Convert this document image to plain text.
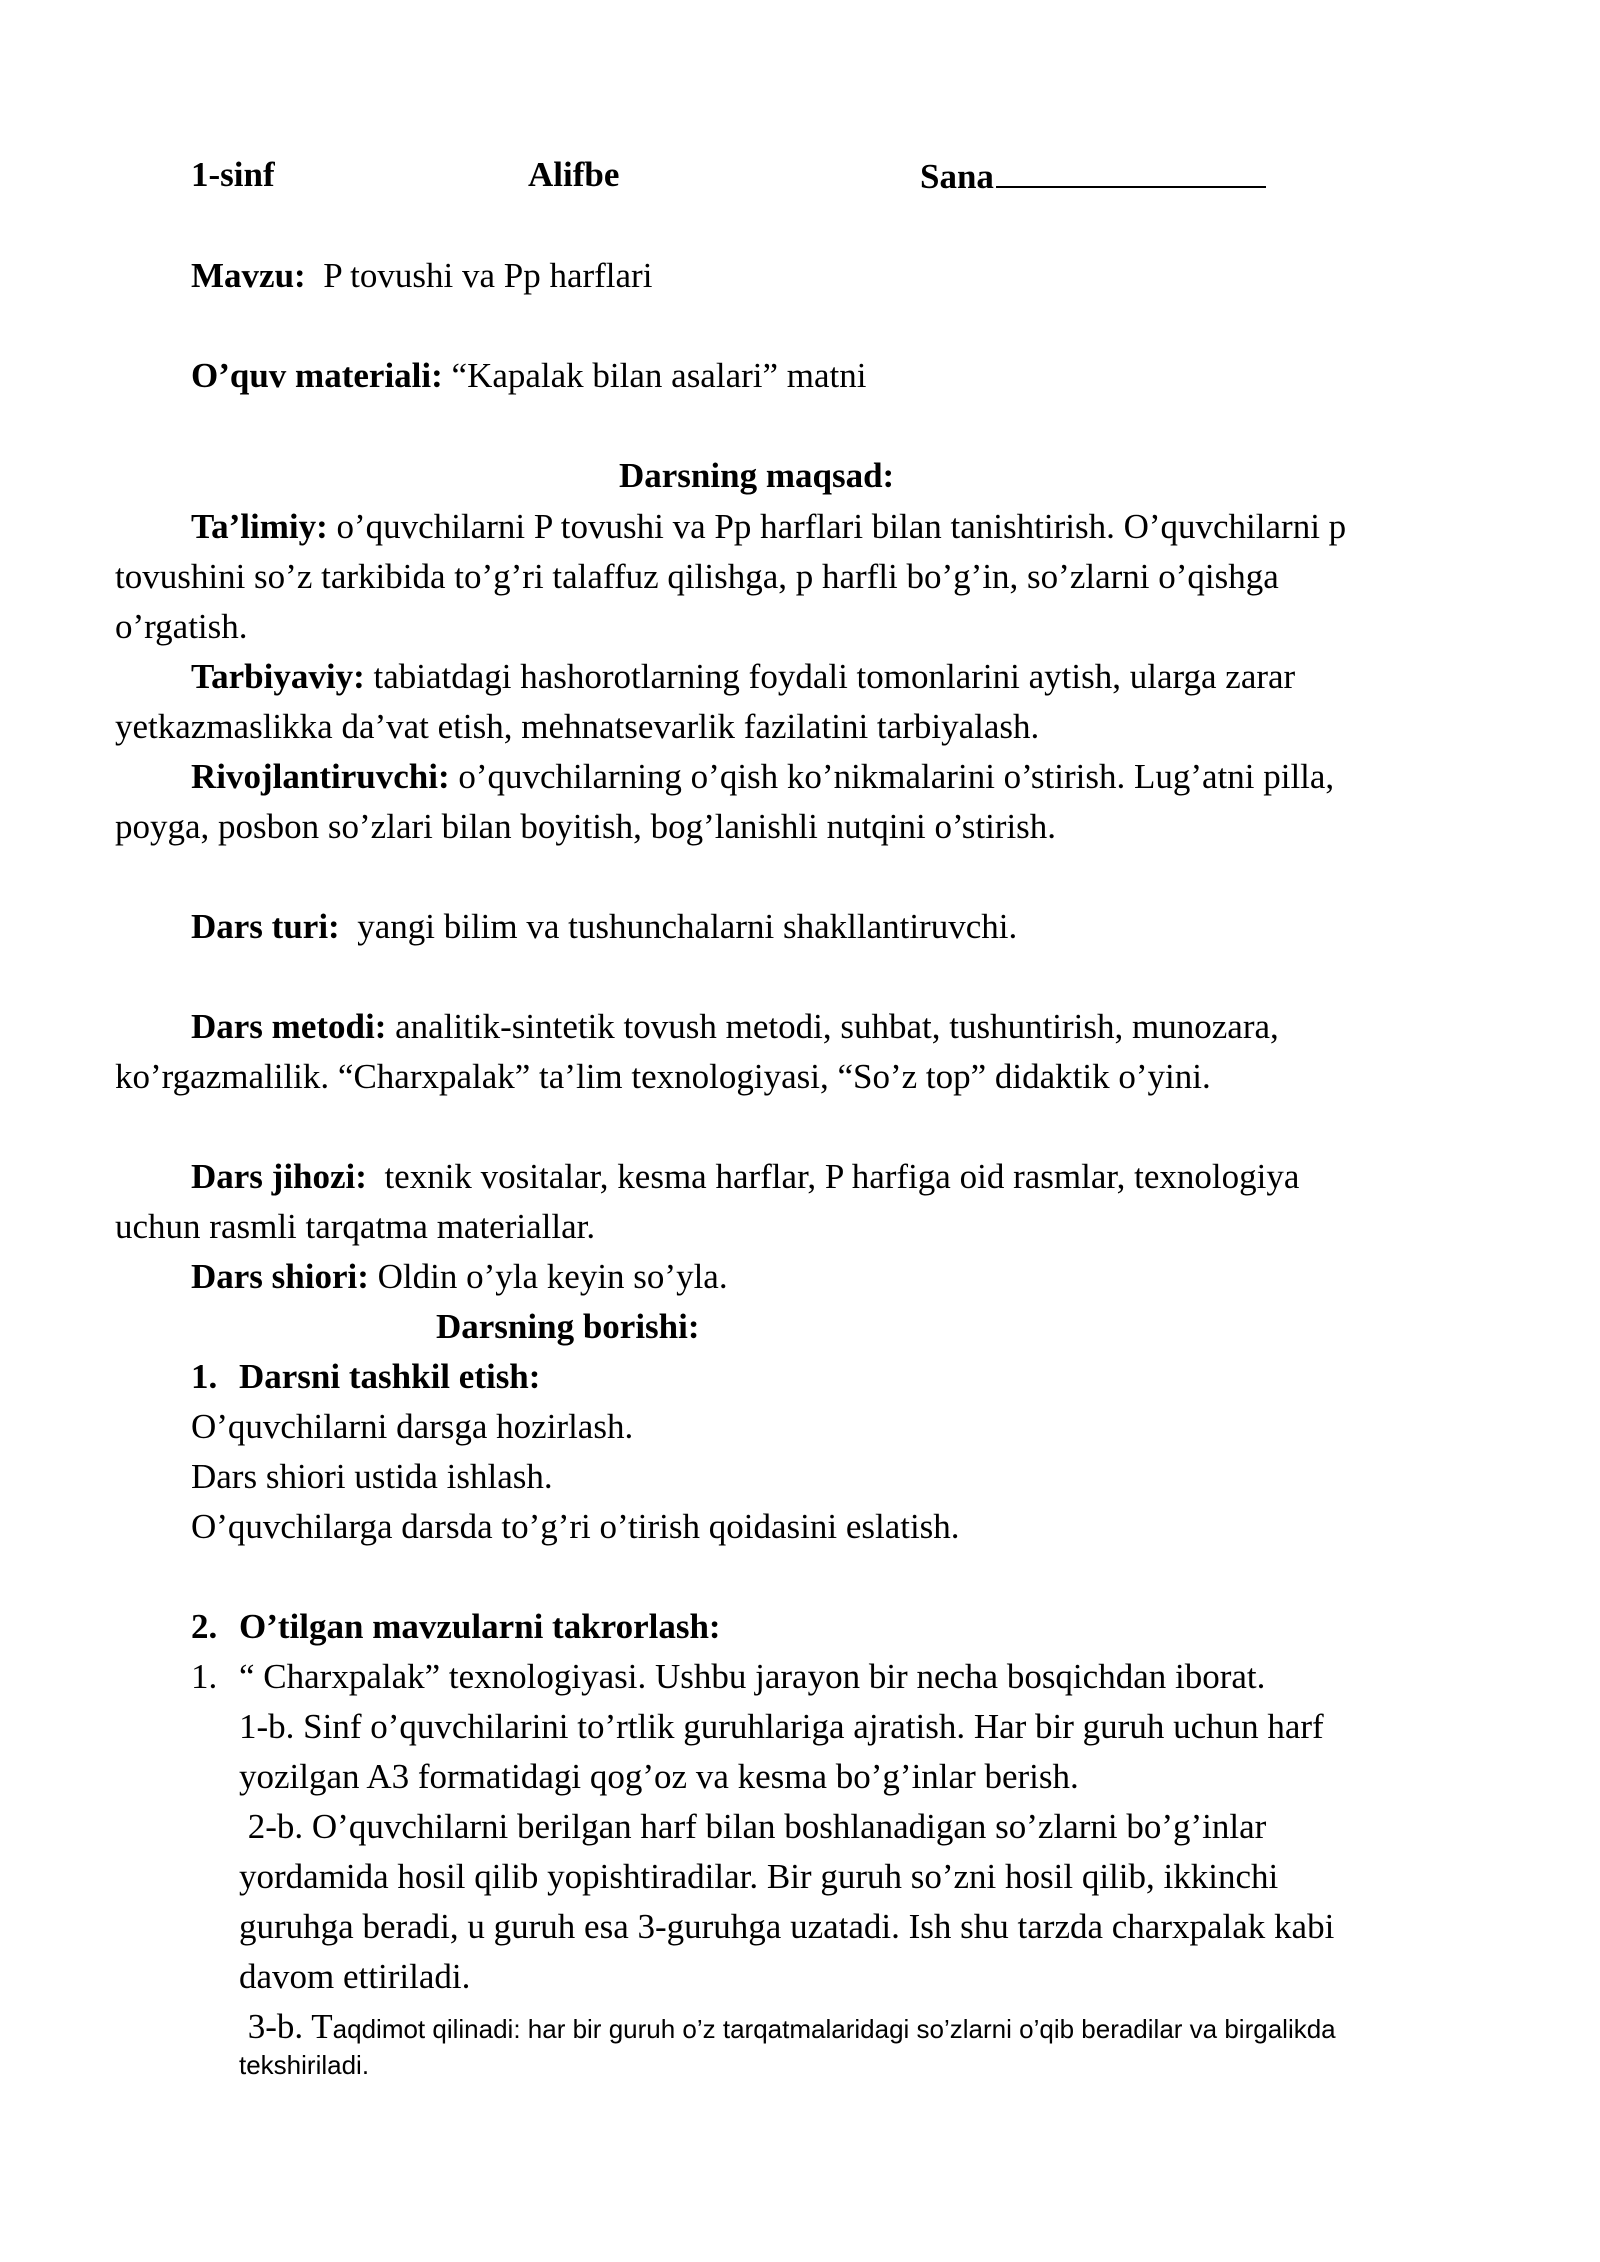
1-sinf	Alifbe	Sana
Mavzu: P tovushi va Pp harflari
O’quv materiali: “Kapalak bilan asalari” matni
Darsning maqsad:
Ta’limiy: o’quvchilarni P tovushi va Pp harflari bilan tanishtirish. O’quvchilarni p
tovushini so’z tarkibida to’g’ri talaffuz qilishga, p harfli bo’g’in, so’zlarni o’qishga
o’rgatish.
Tarbiyaviy: tabiatdagi hashorotlarning foydali tomonlarini aytish, ularga zarar
yetkazmaslikka da’vat etish, mehnatsevarlik fazilatini tarbiyalash.
Rivojlantiruvchi: o’quvchilarning o’qish ko’nikmalarini o’stirish. Lug’atni pilla,
poyga, posbon so’zlari bilan boyitish, bog’lanishli nutqini o’stirish.
Dars turi: yangi bilim va tushunchalarni shakllantiruvchi.
Dars metodi: analitik-sintetik tovush metodi, suhbat, tushuntirish, munozara,
ko’rgazmalilik. “Charxpalak” ta’lim texnologiyasi, “So’z top” didaktik o’yini.
Dars jihozi: texnik vositalar, kesma harflar, P harfiga oid rasmlar, texnologiya
uchun rasmli tarqatma materiallar.
Dars shiori: Oldin o’yla keyin so’yla.
Darsning borishi:
1. Darsni tashkil etish:
O’quvchilarni darsga hozirlash.
Dars shiori ustida ishlash.
O’quvchilarga darsda to’g’ri o’tirish qoidasini eslatish.
2. O’tilgan mavzularni takrorlash:
1. “ Charxpalak” texnologiyasi. Ushbu jarayon bir necha bosqichdan iborat.
1-b. Sinf o’quvchilarini to’rtlik guruhlariga ajratish. Har bir guruh uchun harf
yozilgan A3 formatidagi qog’oz va kesma bo’g’inlar berish.
2-b. O’quvchilarni berilgan harf bilan boshlanadigan so’zlarni bo’g’inlar
yordamida hosil qilib yopishtiradilar. Bir guruh so’zni hosil qilib, ikkinchi
guruhga beradi, u guruh esa 3-guruhga uzatadi. Ish shu tarzda charxpalak kabi
davom ettiriladi.
3-b. Taqdimot qilinadi: har bir guruh o’z tarqatmalaridagi so’zlarni o’qib beradilar va birgalikda
tekshiriladi.
